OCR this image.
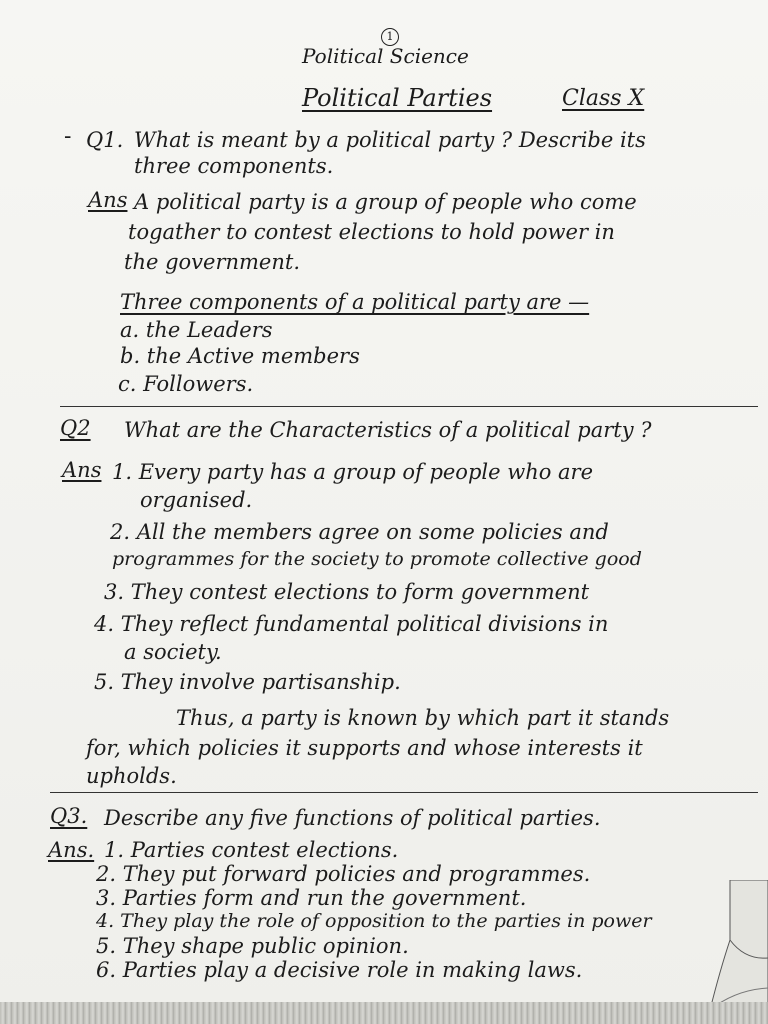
1
Political Science
Political Parties	Class X
- Q1. What is meant by a political party ? Describe its
three components.
Ans A political party is a group of people who come
togather to contest elections to hold power in
the government.
Three components of a political party are —
a. the Leaders
b. the Active members
c. Followers.
Q2 What are the Characteristics of a political party ?
Ans 1. Every party has a group of people who are
organised.
2. All the members agree on some policies and
programmes for the society to promote collective good
3. They contest elections to form government
4. They reflect fundamental political divisions in
a society.
5. They involve partisanship.
Thus, a party is known by which part it stands
for, which policies it supports and whose interests it
upholds.
Q3. Describe any five functions of political parties.
Ans. 1. Parties contest elections.
2. They put forward policies and programmes.
3. Parties form and run the government.
4. They play the role of opposition to the parties in power
5. They shape public opinion.
6. Parties play a decisive role in making laws.
